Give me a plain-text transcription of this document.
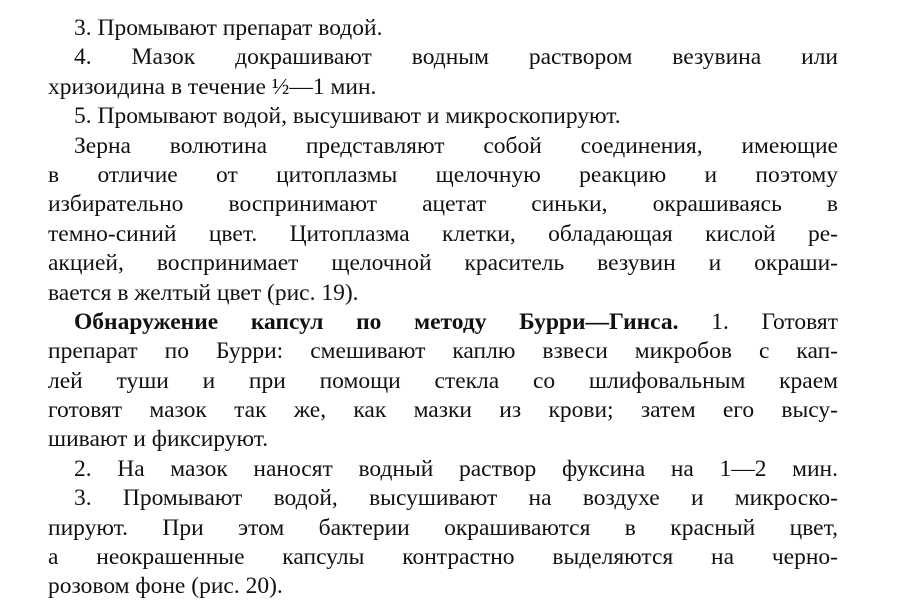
3. Промывают препарат водой.
4. Мазок докрашивают водным раствором везувина или
хризоидина в течение ½—1 мин.
5. Промывают водой, высушивают и микроскопируют.
Зерна волютина представляют собой соединения, имеющие
в отличие от цитоплазмы щелочную реакцию и поэтому
избирательно воспринимают ацетат синьки, окрашиваясь в
темно-синий цвет. Цитоплазма клетки, обладающая кислой ре-
акцией, воспринимает щелочной краситель везувин и окраши-
вается в желтый цвет (рис. 19).
Обнаружение капсул по методу Бурри—Гинса. 1. Готовят
препарат по Бурри: смешивают каплю взвеси микробов с кап-
лей туши и при помощи стекла со шлифовальным краем
готовят мазок так же, как мазки из крови; затем его высу-
шивают и фиксируют.
2. На мазок наносят водный раствор фуксина на 1—2 мин.
3. Промывают водой, высушивают на воздухе и микроско-
пируют. При этом бактерии окрашиваются в красный цвет,
а неокрашенные капсулы контрастно выделяются на черно-
розовом фоне (рис. 20).
